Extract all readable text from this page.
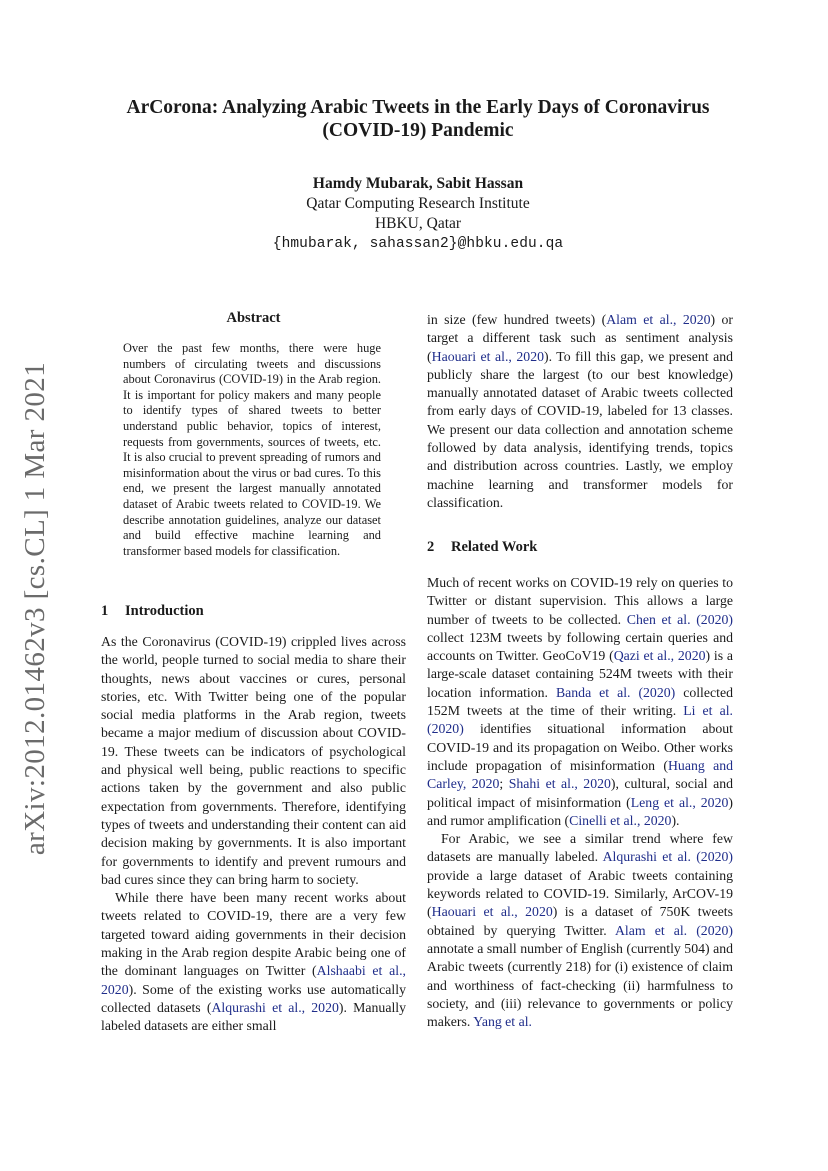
arXiv:2012.01462v3 [cs.CL] 1 Mar 2021
ArCorona: Analyzing Arabic Tweets in the Early Days of Coronavirus
(COVID-19) Pandemic
Hamdy Mubarak, Sabit Hassan
Qatar Computing Research Institute
HBKU, Qatar
{hmubarak, sahassan2}@hbku.edu.qa
Abstract

Over the past few months, there were huge numbers of circulating tweets and discussions about Coronavirus (COVID-19) in the Arab region. It is important for policy makers and many people to identify types of shared tweets to better understand public behavior, topics of interest, requests from governments, sources of tweets, etc. It is also crucial to prevent spreading of rumors and misinformation about the virus or bad cures. To this end, we present the largest manually annotated dataset of Arabic tweets related to COVID-19. We describe annotation guidelines, analyze our dataset and build effective machine learning and transformer based models for classification.

1 Introduction

As the Coronavirus (COVID-19) crippled lives across the world, people turned to social media to share their thoughts, news about vaccines or cures, personal stories, etc. With Twitter being one of the popular social media platforms in the Arab region, tweets became a major medium of discussion about COVID-19. These tweets can be indicators of psychological and physical well being, public reactions to specific actions taken by the government and also public expectation from governments. Therefore, identifying types of tweets and understanding their content can aid decision making by governments. It is also important for governments to identify and prevent rumours and bad cures since they can bring harm to society.

While there have been many recent works about tweets related to COVID-19, there are a very few targeted toward aiding governments in their decision making in the Arab region despite Arabic being one of the dominant languages on Twitter (Alshaabi et al., 2020). Some of the existing works use automatically collected datasets (Alqurashi et al., 2020). Manually labeled datasets are either small

in size (few hundred tweets) (Alam et al., 2020) or target a different task such as sentiment analysis (Haouari et al., 2020). To fill this gap, we present and publicly share the largest (to our best knowledge) manually annotated dataset of Arabic tweets collected from early days of COVID-19, labeled for 13 classes. We present our data collection and annotation scheme followed by data analysis, identifying trends, topics and distribution across countries. Lastly, we employ machine learning and transformer models for classification.

2 Related Work

Much of recent works on COVID-19 rely on queries to Twitter or distant supervision. This allows a large number of tweets to be collected. Chen et al. (2020) collect 123M tweets by following certain queries and accounts on Twitter. GeoCoV19 (Qazi et al., 2020) is a large-scale dataset containing 524M tweets with their location information. Banda et al. (2020) collected 152M tweets at the time of their writing. Li et al. (2020) identifies situational information about COVID-19 and its propagation on Weibo. Other works include propagation of misinformation (Huang and Carley, 2020; Shahi et al., 2020), cultural, social and political impact of misinformation (Leng et al., 2020) and rumor amplification (Cinelli et al., 2020).

For Arabic, we see a similar trend where few datasets are manually labeled. Alqurashi et al. (2020) provide a large dataset of Arabic tweets containing keywords related to COVID-19. Similarly, ArCOV-19 (Haouari et al., 2020) is a dataset of 750K tweets obtained by querying Twitter. Alam et al. (2020) annotate a small number of English (currently 504) and Arabic tweets (currently 218) for (i) existence of claim and worthiness of fact-checking (ii) harmfulness to society, and (iii) relevance to governments or policy makers. Yang et al.
